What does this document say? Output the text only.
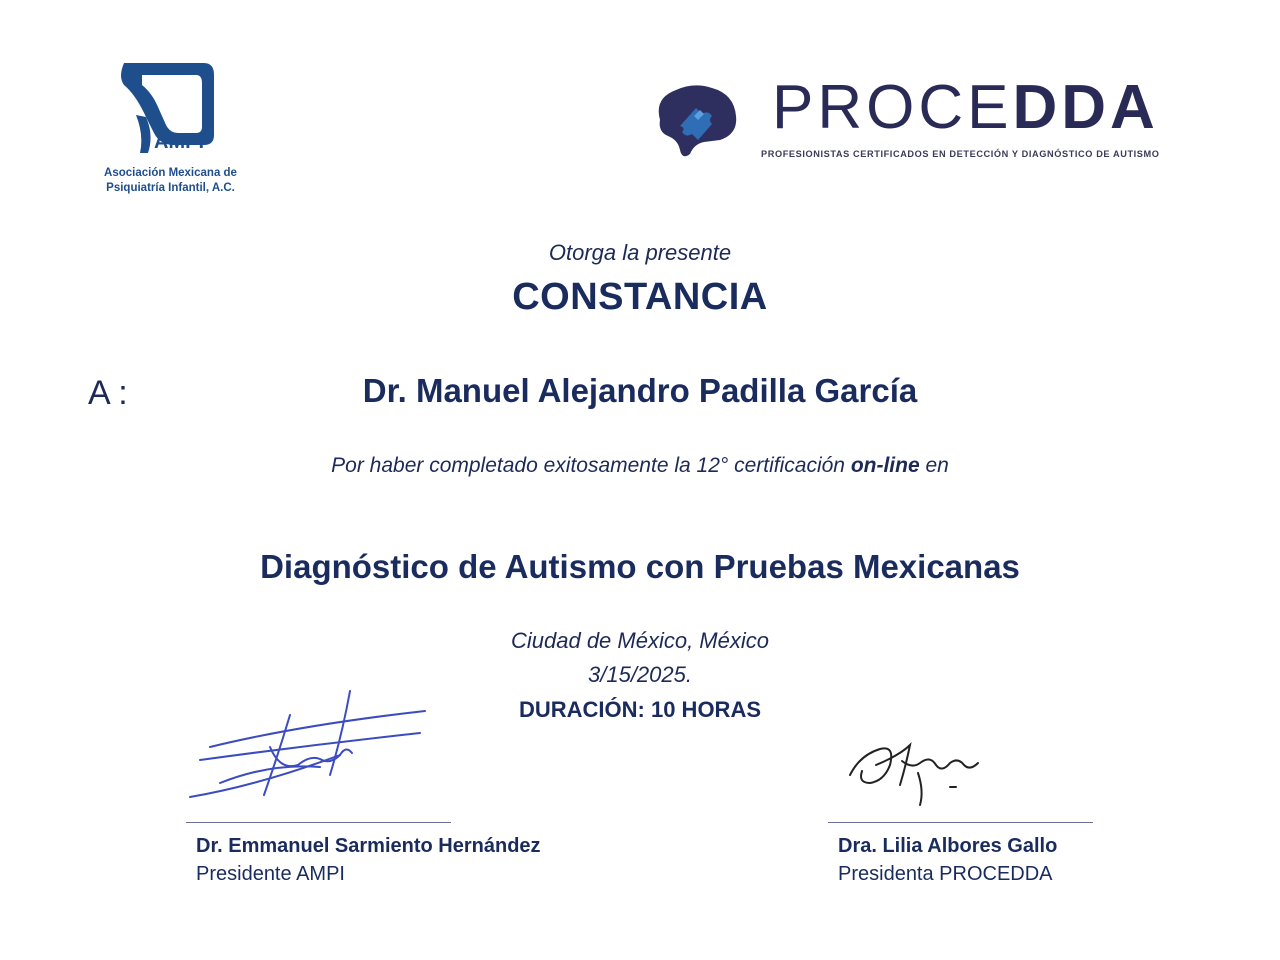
AMPI
Asociación Mexicana de
Psiquiatría Infantil, A.C.
PROCEDDA
PROFESIONISTAS CERTIFICADOS EN DETECCIÓN Y DIAGNÓSTICO DE AUTISMO
Otorga la presente
CONSTANCIA
A :	Dr. Manuel Alejandro Padilla García
Por haber completado exitosamente la 12° certificación on-line en
Diagnóstico de Autismo con Pruebas Mexicanas
Ciudad de México, México
3/15/2025.
DURACIÓN: 10 HORAS
Dr. Emmanuel Sarmiento Hernández
Presidente AMPI
Dra. Lilia Albores Gallo
Presidenta PROCEDDA
